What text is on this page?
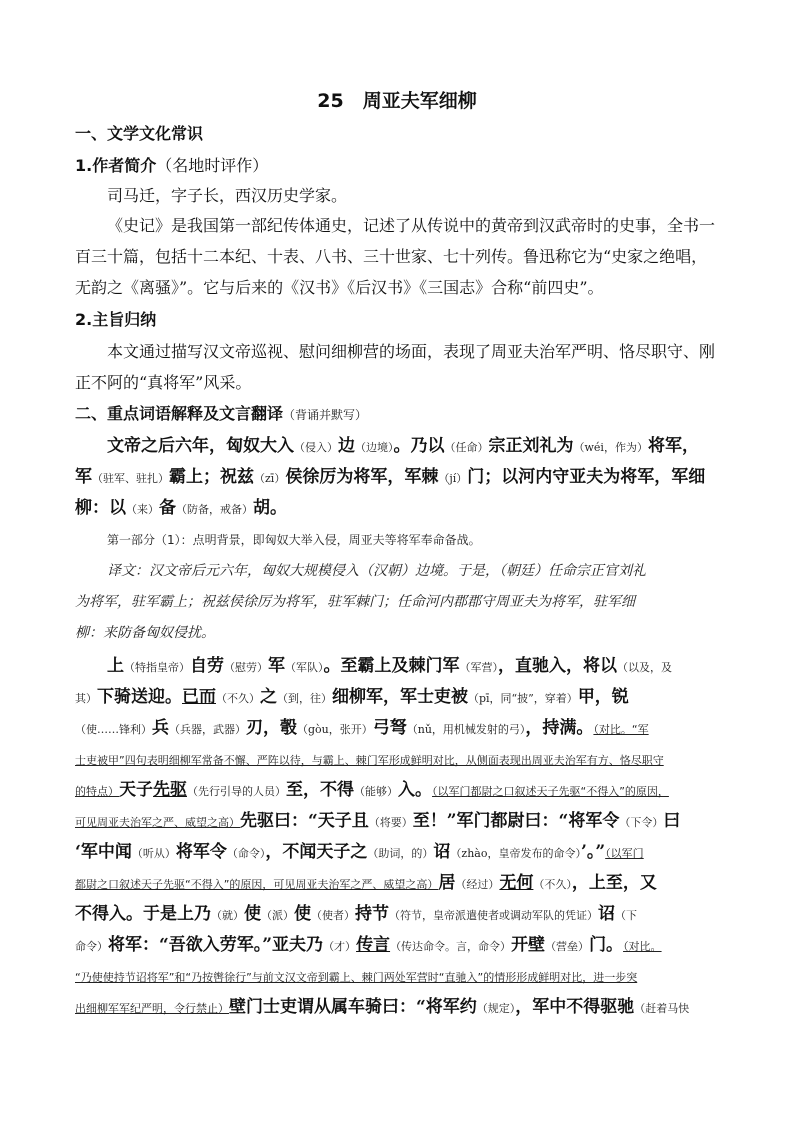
25　周亚夫军细柳
一、文学文化常识
1.作者简介（名地时评作）
司马迁，字子长，西汉历史学家。
《史记》是我国第一部纪传体通史，记述了从传说中的黄帝到汉武帝时的史事，全书一
百三十篇，包括十二本纪、十表、八书、三十世家、七十列传。鲁迅称它为“史家之绝唱，
无韵之《离骚》”。它与后来的《汉书》《后汉书》《三国志》合称“前四史”。
2.主旨归纳
本文通过描写汉文帝巡视、慰问细柳营的场面，表现了周亚夫治军严明、恪尽职守、刚
正不阿的“真将军”风采。
二、重点词语解释及文言翻译（背诵并默写）
文帝之后六年，匈奴大入（侵入）边（边境）。乃以（任命）宗正刘礼为（wéi，作为）将军，
军（驻军、驻扎）霸上；祝兹（zī）侯徐厉为将军，军棘（jí）门；以河内守亚夫为将军，军细
柳：以（来）备（防备，戒备）胡。
第一部分（1）：点明背景，即匈奴大举入侵，周亚夫等将军奉命备战。
译文：汉文帝后元六年，匈奴大规模侵入（汉朝）边境。于是，（朝廷）任命宗正官刘礼
为将军，驻军霸上；祝兹侯徐厉为将军，驻军棘门；任命河内郡郡守周亚夫为将军，驻军细
柳：来防备匈奴侵扰。
上（特指皇帝）自劳（慰劳）军（军队）。至霸上及棘门军（军营），直驰入，将以（以及，及
其）下骑送迎。已而（不久）之（到，往）细柳军，军士吏被（pī，同“披”，穿着）甲，锐
（使……锋利）兵（兵器，武器）刃，彀（gòu，张开）弓弩（nǔ，用机械发射的弓），持满。（对比。“军
士吏被甲”四句表明细柳军常备不懈、严阵以待，与霸上、棘门军形成鲜明对比，从侧面表现出周亚夫治军有方、恪尽职守
的特点）天子先驱（先行引导的人员）至，不得（能够）入。（以军门都尉之口叙述天子先驱“不得入”的原因，
可见周亚夫治军之严、威望之高）先驱曰：“天子且（将要）至！”军门都尉曰：“将军令（下令）曰
‘军中闻（听从）将军令（命令），不闻天子之（助词，的）诏（zhào，皇帝发布的命令）’。”（以军门
都尉之口叙述天子先驱“不得入”的原因，可见周亚夫治军之严、威望之高）居（经过）无何（不久），上至，又
不得入。于是上乃（就）使（派）使（使者）持节（符节，皇帝派遣使者或调动军队的凭证）诏（下
命令）将军：“吾欲入劳军。”亚夫乃（才）传言（传达命令。言，命令）开壁（营垒）门。（对比。
“乃使使持节诏将军”和“乃按辔徐行”与前文汉文帝到霸上、棘门两处军营时“直驰入”的情形形成鲜明对比，进一步突
出细柳军军纪严明，令行禁止）壁门士吏谓从属车骑曰：“将军约（规定），军中不得驱驰（赶着马快
